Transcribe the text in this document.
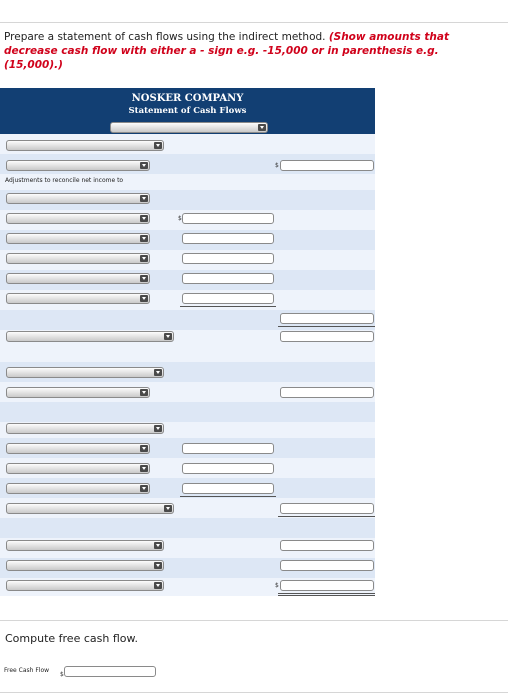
Prepare a statement of cash flows using the indirect method. (Show amounts that decrease cash flow with either a - sign e.g. -15,000 or in parenthesis e.g. (15,000).)
NOSKER COMPANY
Statement of Cash Flows
$
Adjustments to reconcile net income to
$
$
Compute free cash flow.
Free Cash Flow
$
